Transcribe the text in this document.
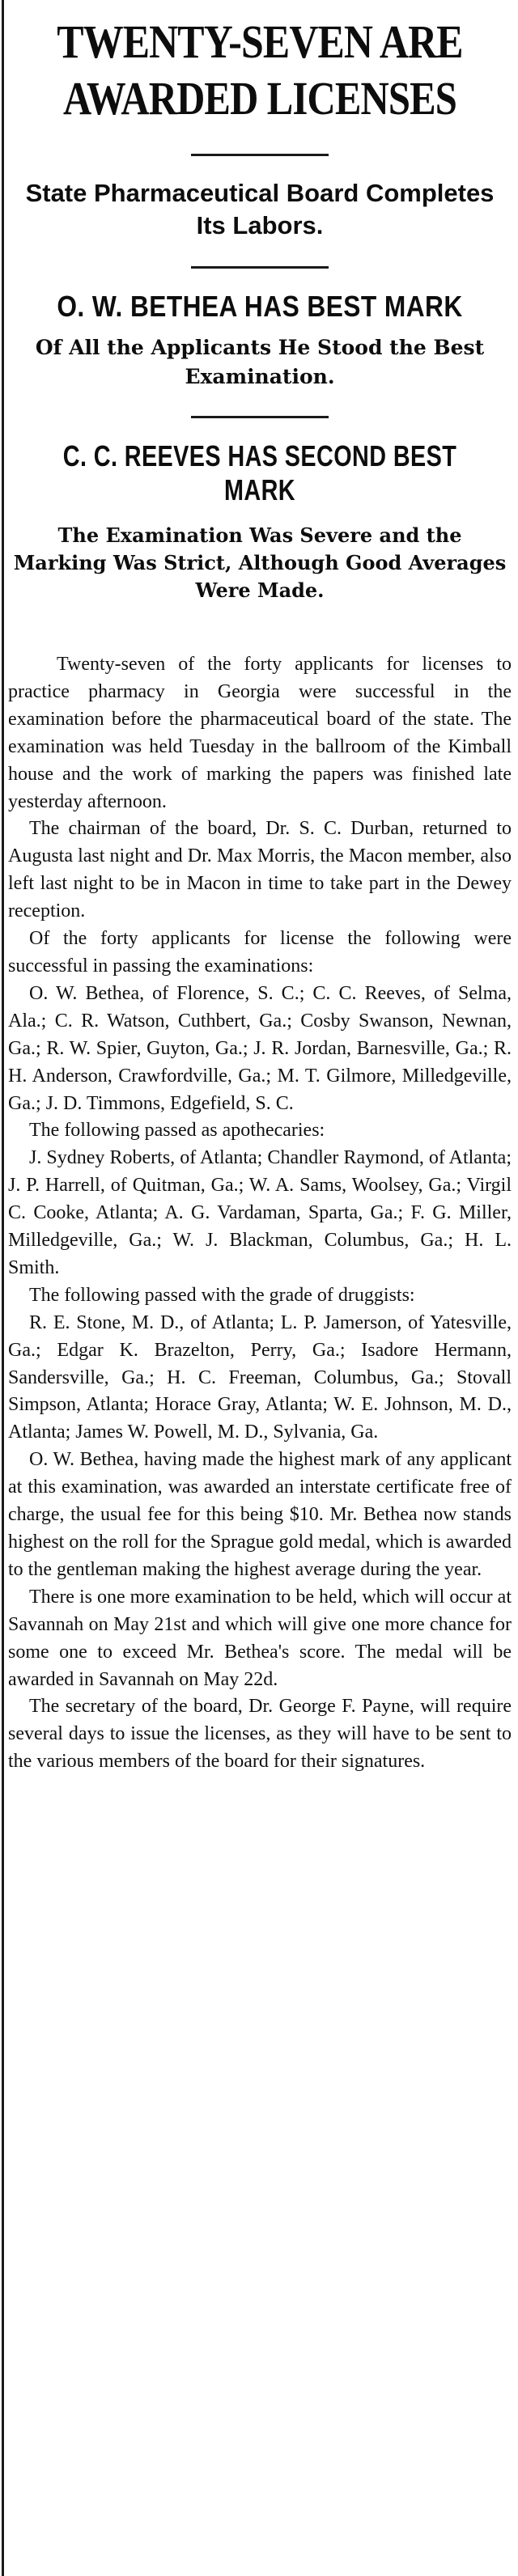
TWENTY-SEVEN ARE
AWARDED LICENSES
State Pharmaceutical Board Completes Its Labors.
O. W. BETHEA HAS BEST MARK
Of All the Applicants He Stood the Best Examination.
C. C. REEVES HAS SECOND BEST MARK
The Examination Was Severe and the Marking Was Strict, Although Good Averages Were Made.

Twenty-seven of the forty applicants for licenses to practice pharmacy in Georgia were successful in the examination before the pharmaceutical board of the state. The examination was held Tuesday in the ballroom of the Kimball house and the work of marking the papers was finished late yesterday afternoon.

The chairman of the board, Dr. S. C. Durban, returned to Augusta last night and Dr. Max Morris, the Macon member, also left last night to be in Macon in time to take part in the Dewey reception.

Of the forty applicants for license the following were successful in passing the examinations:

O. W. Bethea, of Florence, S. C.; C. C. Reeves, of Selma, Ala.; C. R. Watson, Cuthbert, Ga.; Cosby Swanson, Newnan, Ga.; R. W. Spier, Guyton, Ga.; J. R. Jordan, Barnesville, Ga.; R. H. Anderson, Crawfordville, Ga.; M. T. Gilmore, Milledgeville, Ga.; J. D. Timmons, Edgefield, S. C.

The following passed as apothecaries:

J. Sydney Roberts, of Atlanta; Chandler Raymond, of Atlanta; J. P. Harrell, of Quitman, Ga.; W. A. Sams, Woolsey, Ga.; Virgil C. Cooke, Atlanta; A. G. Vardaman, Sparta, Ga.; F. G. Miller, Milledgeville, Ga.; W. J. Blackman, Columbus, Ga.; H. L. Smith.

The following passed with the grade of druggists:

R. E. Stone, M. D., of Atlanta; L. P. Jamerson, of Yatesville, Ga.; Edgar K. Brazelton, Perry, Ga.; Isadore Hermann, Sandersville, Ga.; H. C. Freeman, Columbus, Ga.; Stovall Simpson, Atlanta; Horace Gray, Atlanta; W. E. Johnson, M. D., Atlanta; James W. Powell, M. D., Sylvania, Ga.

O. W. Bethea, having made the highest mark of any applicant at this examination, was awarded an interstate certificate free of charge, the usual fee for this being $10. Mr. Bethea now stands highest on the roll for the Sprague gold medal, which is awarded to the gentleman making the highest average during the year.

There is one more examination to be held, which will occur at Savannah on May 21st and which will give one more chance for some one to exceed Mr. Bethea's score. The medal will be awarded in Savannah on May 22d.

The secretary of the board, Dr. George F. Payne, will require several days to issue the licenses, as they will have to be sent to the various members of the board for their signatures.
